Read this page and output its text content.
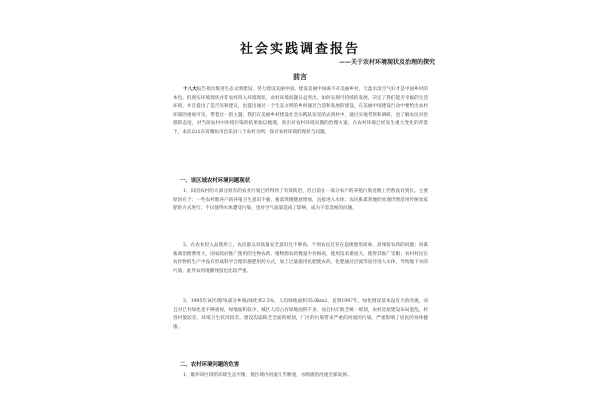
社会实践调查报告
——关于农村环境现状及治理的探究
前言
十八大报告指出推进生态文明建设，努力建设美丽中国。建设美丽中国离不开美丽乡村，天蓝水清空气好才是中国乡村的本色。但现实环境现状并非农村四入环境现状。农村环境问题日益突出，如何实现可持续的发展，决定了我们能否幸福的生活环境，并且提出了是否见和建议，也提出通过一个生态文明的乡村通过合适和发展的建设，在美丽中国建设行动中要给出农村环境的重视可见，带着这一的主题，我们在美丽乡村建设社会实践队伍里的去到村中，通过实地考察和调研，也了解农民对治理的态度，对当前农村中环境污染的结果加以梳理，查出对农村环境问题的治理方案，在农村环境已经发生重大变化的背景下，本次以山东省潍坊市昌乐县八个农村为例，探讨农村环境的现状与问题。
一、该区域农村环境问题现状
1、田园农村的大部分原有的农业污染已经得到了有效防治，但目前在一部分农户的养殖污染处理上仍然没有到位。主要原因在于：一些农村散养户的养殖卫生意识不强，畜禽粪便随意堆放，直接进入水体；农民畜禽粪便的处理仍然沿用传统农家肥的方式进行，不仅使得水体遭受污染，也对空气质量造成了影响，成为不容忽视的问题。
2、在农业投入品使用上，农民群众对质量安全意识还不够高，个别农民还存在违规使用高毒、高残留农药的问题；肉禽畜禽治理费用大，国家政府推广使用的生物农药、植物源农药数量少价格高，使用技术难度大，使得其推广受限；农村村民在农作物的生产中没有形成科学合理的施肥用药方式，加上过量施用化肥使农药、化肥通过径流等途径进入水体，导致地下水的污染，此外农用地膜残留也比较严重。
3、1995年该区域四(部分乡镇)绿化率2.5%，人均绿地面积35.0km2，直到1997年，绿化情况基本没有大的改观，而且对已有绿化也不够重视，绿地面积较少，城区人均占有绿地面积不多，而且村庄缺乏统一规划，农村房屋建设布局混乱，村容村貌较差，环境卫生状况较差。建设沟渠缺乏全面的规划，厂区的污染带来严重的河流的污染，严重影响了居民的身体健康。
二、农村环境问题的危害
1、破坏该区域的环境生态平衡，使区域内河流几乎断流，水断流的河流全部臭掉。
